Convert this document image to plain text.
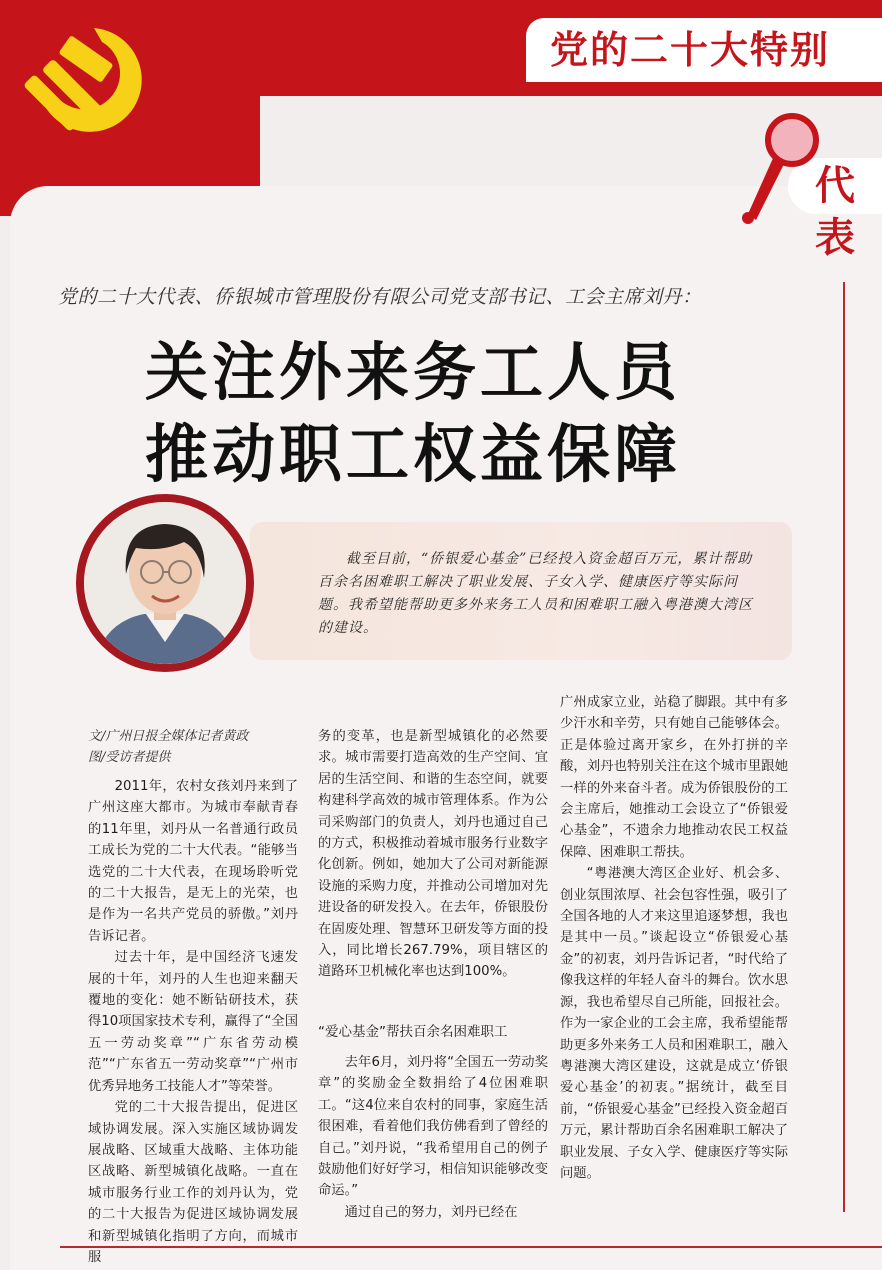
党的二十大特别
代表
党的二十大代表、侨银城市管理股份有限公司党支部书记、工会主席刘丹：
关注外来务工人员
推动职工权益保障
截至目前，“侨银爱心基金”已经投入资金超百万元，累计帮助百余名困难职工解决了职业发展、子女入学、健康医疗等实际问题。我希望能帮助更多外来务工人员和困难职工融入粤港澳大湾区的建设。
文/广州日报全媒体记者黄政
图/受访者提供

2011年，农村女孩刘丹来到了广州这座大都市。为城市奉献青春的11年里，刘丹从一名普通行政员工成长为党的二十大代表。“能够当选党的二十大代表，在现场聆听党的二十大报告，是无上的光荣，也是作为一名共产党员的骄傲。”刘丹告诉记者。

过去十年，是中国经济飞速发展的十年，刘丹的人生也迎来翻天覆地的变化：她不断钻研技术，获得10项国家技术专利，赢得了“全国五一劳动奖章”“广东省劳动模范”“广东省五一劳动奖章”“广州市优秀异地务工技能人才”等荣誉。

党的二十大报告提出，促进区域协调发展。深入实施区域协调发展战略、区域重大战略、主体功能区战略、新型城镇化战略。一直在城市服务行业工作的刘丹认为，党的二十大报告为促进区域协调发展和新型城镇化指明了方向，而城市服

务的变革，也是新型城镇化的必然要求。城市需要打造高效的生产空间、宜居的生活空间、和谐的生态空间，就要构建科学高效的城市管理体系。作为公司采购部门的负责人，刘丹也通过自己的方式，积极推动着城市服务行业数字化创新。例如，她加大了公司对新能源设施的采购力度，并推动公司增加对先进设备的研发投入。在去年，侨银股份在固废处理、智慧环卫研发等方面的投入，同比增长267.79%，项目辖区的道路环卫机械化率也达到100%。

“爱心基金”帮扶百余名困难职工

去年6月，刘丹将“全国五一劳动奖章”的奖励金全数捐给了4位困难职工。“这4位来自农村的同事，家庭生活很困难，看着他们我仿佛看到了曾经的自己。”刘丹说，“我希望用自己的例子鼓励他们好好学习，相信知识能够改变命运。”

通过自己的努力，刘丹已经在

广州成家立业，站稳了脚跟。其中有多少汗水和辛劳，只有她自己能够体会。正是体验过离开家乡，在外打拼的辛酸，刘丹也特别关注在这个城市里跟她一样的外来奋斗者。成为侨银股份的工会主席后，她推动工会设立了“侨银爱心基金”，不遗余力地推动农民工权益保障、困难职工帮扶。

“粤港澳大湾区企业好、机会多、创业氛围浓厚、社会包容性强，吸引了全国各地的人才来这里追逐梦想，我也是其中一员。”谈起设立“侨银爱心基金”的初衷，刘丹告诉记者，“时代给了像我这样的年轻人奋斗的舞台。饮水思源，我也希望尽自己所能，回报社会。作为一家企业的工会主席，我希望能帮助更多外来务工人员和困难职工，融入粤港澳大湾区建设，这就是成立‘侨银爱心基金’的初衷。”据统计，截至目前，“侨银爱心基金”已经投入资金超百万元，累计帮助百余名困难职工解决了职业发展、子女入学、健康医疗等实际问题。
